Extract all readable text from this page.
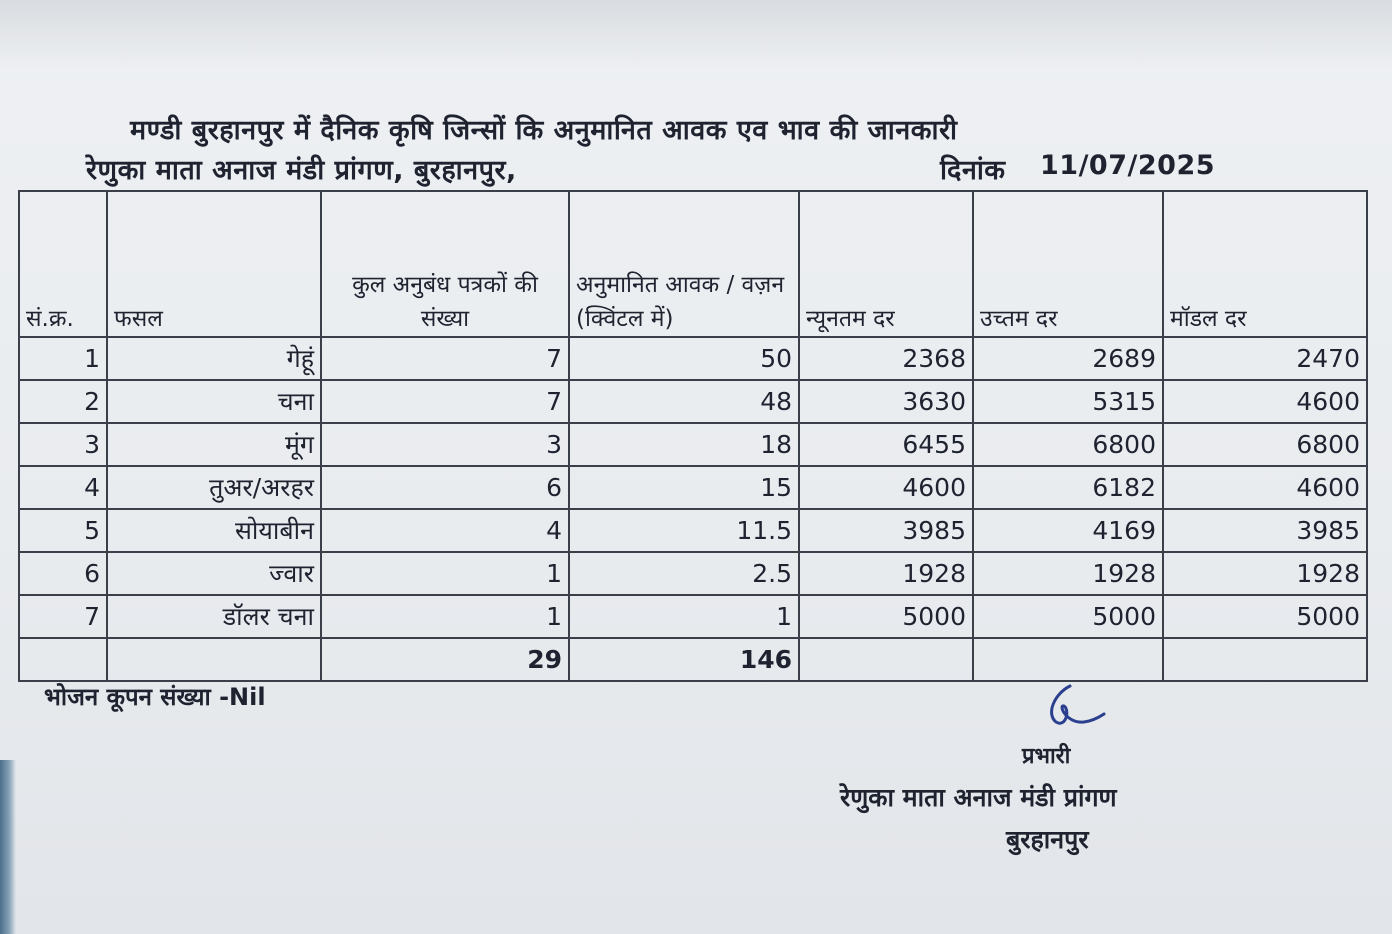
मण्डी बुरहानपुर में दैनिक कृषि जिन्सों कि अनुमानित आवक एव भाव की जानकारी
रेणुका माता अनाज मंडी प्रांगण, बुरहानपुर,	दिनांक 11/07/2025
सं.क्र.	फसल	कुल अनुबंध पत्रकों की संख्या	अनुमानित आवक / वज़न (क्विंटल में)	न्यूनतम दर	उच्तम दर	मॉडल दर
1	गेहूं	7	50	2368	2689	2470
2	चना	7	48	3630	5315	4600
3	मूंग	3	18	6455	6800	6800
4	तुअर/अरहर	6	15	4600	6182	4600
5	सोयाबीन	4	11.5	3985	4169	3985
6	ज्वार	1	2.5	1928	1928	1928
7	डॉलर चना	1	1	5000	5000	5000
		29	146			
भोजन कूपन संख्या -Nil
प्रभारी
रेणुका माता अनाज मंडी प्रांगण
बुरहानपुर
